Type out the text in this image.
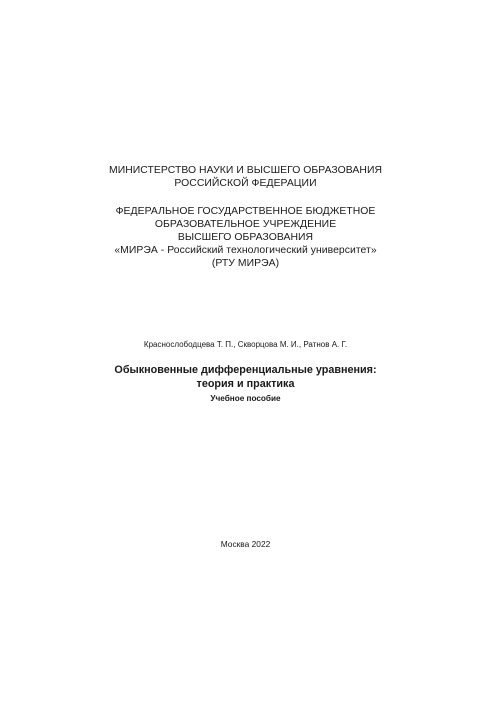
МИНИСТЕРСТВО НАУКИ И ВЫСШЕГО ОБРАЗОВАНИЯ
РОССИЙСКОЙ ФЕДЕРАЦИИ
ФЕДЕРАЛЬНОЕ ГОСУДАРСТВЕННОЕ БЮДЖЕТНОЕ
ОБРАЗОВАТЕЛЬНОЕ УЧРЕЖДЕНИЕ
ВЫСШЕГО ОБРАЗОВАНИЯ
«МИРЭА - Российский технологический университет»
(РТУ МИРЭА)
Краснослободцева Т. П., Скворцова М. И., Ратнов А. Г.
Обыкновенные дифференциальные уравнения:
теория и практика
Учебное пособие
Москва 2022
